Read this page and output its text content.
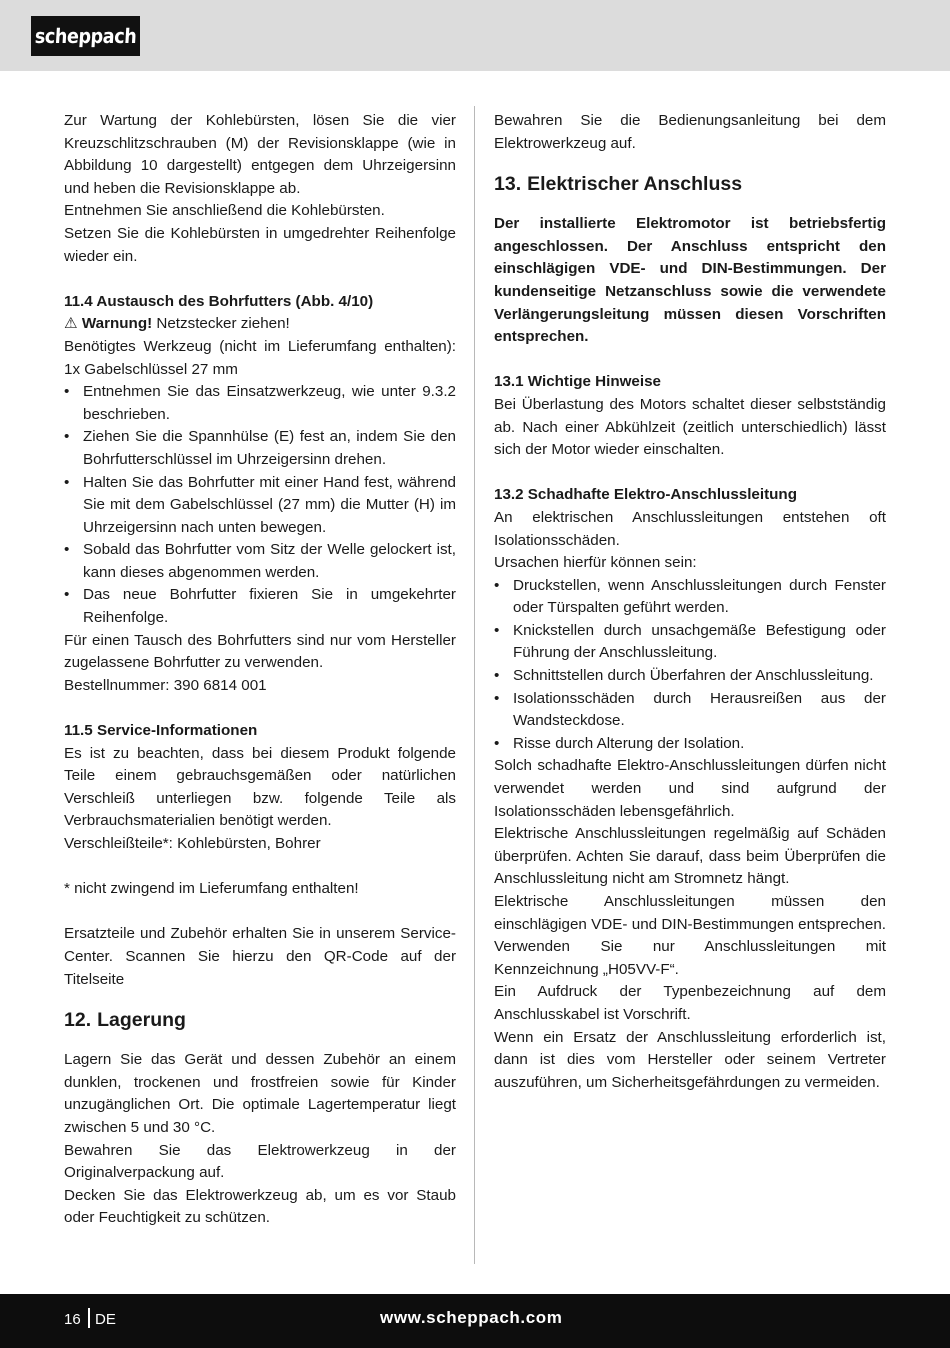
scheppach
Zur Wartung der Kohlebürsten, lösen Sie die vier Kreuzschlitzschrauben (M) der Revisionsklappe (wie in Abbildung 10 dargestellt) entgegen dem Uhrzeigersinn und heben die Revisionsklappe ab.
Entnehmen Sie anschließend die Kohlebürsten.
Setzen Sie die Kohlebürsten in umgedrehter Reihenfolge wieder ein.
11.4 Austausch des Bohrfutters (Abb. 4/10)
⚠ Warnung! Netzstecker ziehen!
Benötigtes Werkzeug (nicht im Lieferumfang enthalten): 1x Gabelschlüssel 27 mm
• Entnehmen Sie das Einsatzwerkzeug, wie unter 9.3.2 beschrieben.
• Ziehen Sie die Spannhülse (E) fest an, indem Sie den Bohrfutterschlüssel im Uhrzeigersinn drehen.
• Halten Sie das Bohrfutter mit einer Hand fest, während Sie mit dem Gabelschlüssel (27 mm) die Mutter (H) im Uhrzeigersinn nach unten bewegen.
• Sobald das Bohrfutter vom Sitz der Welle gelockert ist, kann dieses abgenommen werden.
• Das neue Bohrfutter fixieren Sie in umgekehrter Reihenfolge.
Für einen Tausch des Bohrfutters sind nur vom Hersteller zugelassene Bohrfutter zu verwenden.
Bestellnummer: 390 6814 001
11.5 Service-Informationen
Es ist zu beachten, dass bei diesem Produkt folgende Teile einem gebrauchsgemäßen oder natürlichen Verschleiß unterliegen bzw. folgende Teile als Verbrauchsmaterialien benötigt werden.
Verschleißteile*: Kohlebürsten, Bohrer
* nicht zwingend im Lieferumfang enthalten!
Ersatzteile und Zubehör erhalten Sie in unserem Service-Center. Scannen Sie hierzu den QR-Code auf der Titelseite
12. Lagerung
Lagern Sie das Gerät und dessen Zubehör an einem dunklen, trockenen und frostfreien sowie für Kinder unzugänglichen Ort. Die optimale Lagertemperatur liegt zwischen 5 und 30 °C.
Bewahren Sie das Elektrowerkzeug in der Originalverpackung auf.
Decken Sie das Elektrowerkzeug ab, um es vor Staub oder Feuchtigkeit zu schützen.
Bewahren Sie die Bedienungsanleitung bei dem Elektrowerkzeug auf.
13. Elektrischer Anschluss
Der installierte Elektromotor ist betriebsfertig angeschlossen. Der Anschluss entspricht den einschlägigen VDE- und DIN-Bestimmungen. Der kundenseitige Netzanschluss sowie die verwendete Verlängerungsleitung müssen diesen Vorschriften entsprechen.
13.1 Wichtige Hinweise
Bei Überlastung des Motors schaltet dieser selbstständig ab. Nach einer Abkühlzeit (zeitlich unterschiedlich) lässt sich der Motor wieder einschalten.
13.2 Schadhafte Elektro-Anschlussleitung
An elektrischen Anschlussleitungen entstehen oft Isolationsschäden.
Ursachen hierfür können sein:
• Druckstellen, wenn Anschlussleitungen durch Fenster oder Türspalten geführt werden.
• Knickstellen durch unsachgemäße Befestigung oder Führung der Anschlussleitung.
• Schnittstellen durch Überfahren der Anschlussleitung.
• Isolationsschäden durch Herausreißen aus der Wandsteckdose.
• Risse durch Alterung der Isolation.
Solch schadhafte Elektro-Anschlussleitungen dürfen nicht verwendet werden und sind aufgrund der Isolationsschäden lebensgefährlich.
Elektrische Anschlussleitungen regelmäßig auf Schäden überprüfen. Achten Sie darauf, dass beim Überprüfen die Anschlussleitung nicht am Stromnetz hängt.
Elektrische Anschlussleitungen müssen den einschlägigen VDE- und DIN-Bestimmungen entsprechen. Verwenden Sie nur Anschlussleitungen mit Kennzeichnung „H05VV-F“.
Ein Aufdruck der Typenbezeichnung auf dem Anschlusskabel ist Vorschrift.
Wenn ein Ersatz der Anschlussleitung erforderlich ist, dann ist dies vom Hersteller oder seinem Vertreter auszuführen, um Sicherheitsgefährdungen zu vermeiden.
16 DE	www.scheppach.com
